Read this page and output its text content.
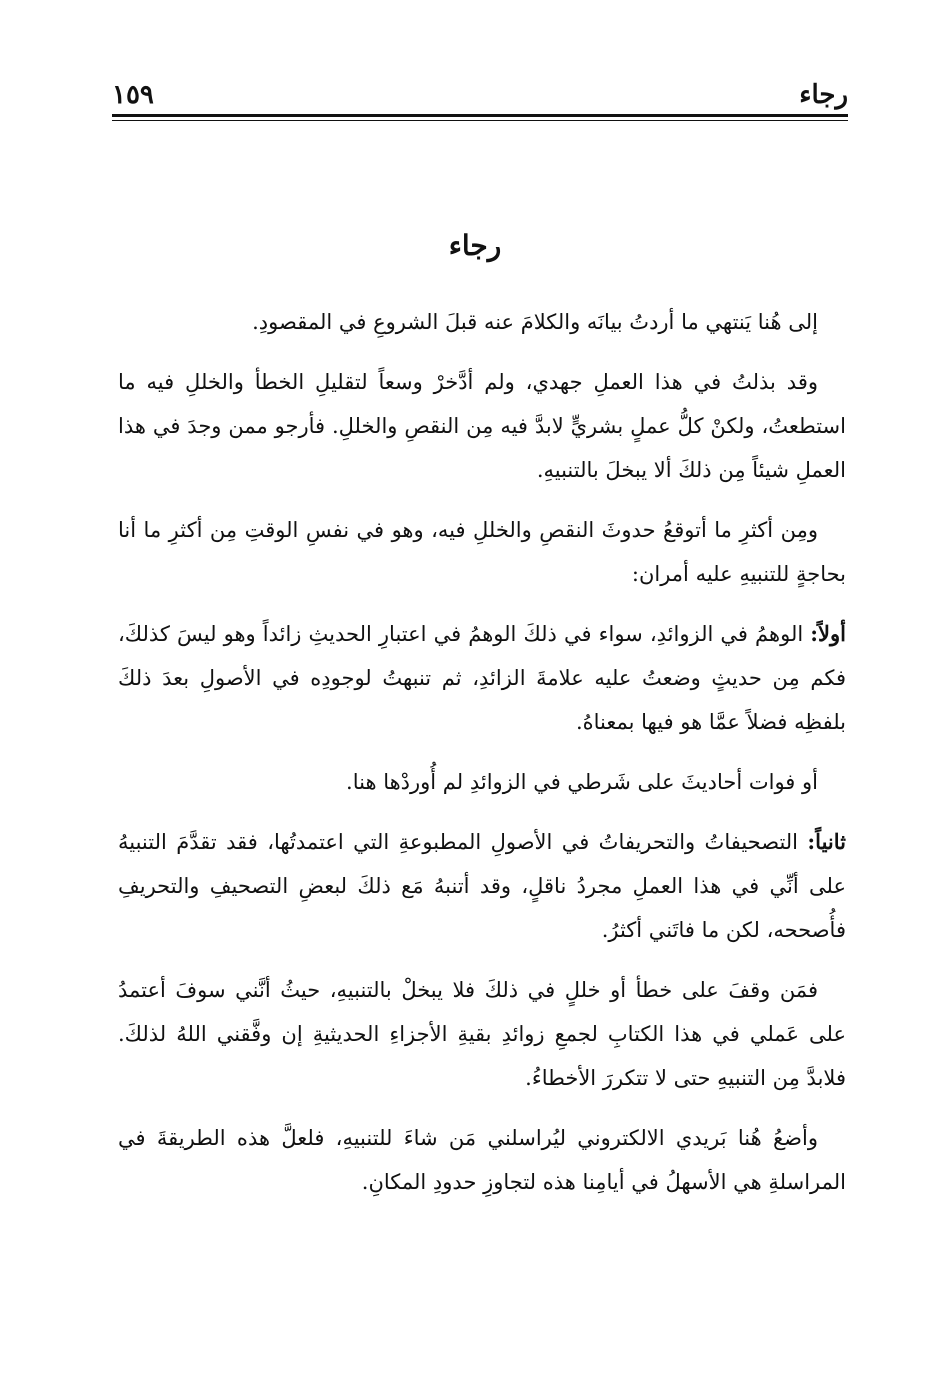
رجاء
١٥٩
رجاء

إلى هُنا يَنتهي ما أردتُ بيانَه والكلامَ عنه قبلَ الشروعِ في المقصودِ.

وقد بذلتُ في هذا العملِ جهدي، ولم أدَّخرْ وسعاً لتقليلِ الخطأ والخللِ فيه ما استطعتُ، ولكنْ كلُّ عملٍ بشريٍّ لابدَّ فيه مِن النقصِ والخللِ. فأرجو ممن وجدَ في هذا العملِ شيئاً مِن ذلكَ ألا يبخلَ بالتنبيهِ.

ومِن أكثرِ ما أتوقعُ حدوثَ النقصِ والخللِ فيه، وهو في نفسِ الوقتِ مِن أكثرِ ما أنا بحاجةٍ للتنبيهِ عليه أمران:

أولاً: الوهمُ في الزوائدِ، سواء في ذلكَ الوهمُ في اعتبارِ الحديثِ زائداً وهو ليسَ كذلكَ، فكم مِن حديثٍ وضعتُ عليه علامةَ الزائدِ، ثم تنبهتُ لوجودِه في الأصولِ بعدَ ذلكَ بلفظِه فضلاً عمَّا هو فيها بمعناهُ.

أو فوات أحاديثَ على شَرطي في الزوائدِ لم أُوردْها هنا.

ثانياً: التصحيفاتُ والتحريفاتُ في الأصولِ المطبوعةِ التي اعتمدتُها، فقد تقدَّمَ التنبيهُ على أنِّي في هذا العملِ مجردُ ناقلٍ، وقد أتنبهُ مَع ذلكَ لبعضِ التصحيفِ والتحريفِ فأُصححه، لكن ما فاتَني أكثرُ.

فمَن وقفَ على خطأ أو خللٍ في ذلكَ فلا يبخلْ بالتنبيهِ، حيثُ أنَّني سوفَ أعتمدُ على عَملي في هذا الكتابِ لجمعِ زوائدِ بقيةِ الأجزاءِ الحديثيةِ إن وفَّقني اللهُ لذلكَ. فلابدَّ مِن التنبيهِ حتى لا تتكررَ الأخطاءُ.

وأضعُ هُنا بَريدي الالكتروني ليُراسلني مَن شاءَ للتنبيهِ، فلعلَّ هذه الطريقةَ في المراسلةِ هي الأسهلُ في أيامِنا هذه لتجاوزِ حدودِ المكانِ.
